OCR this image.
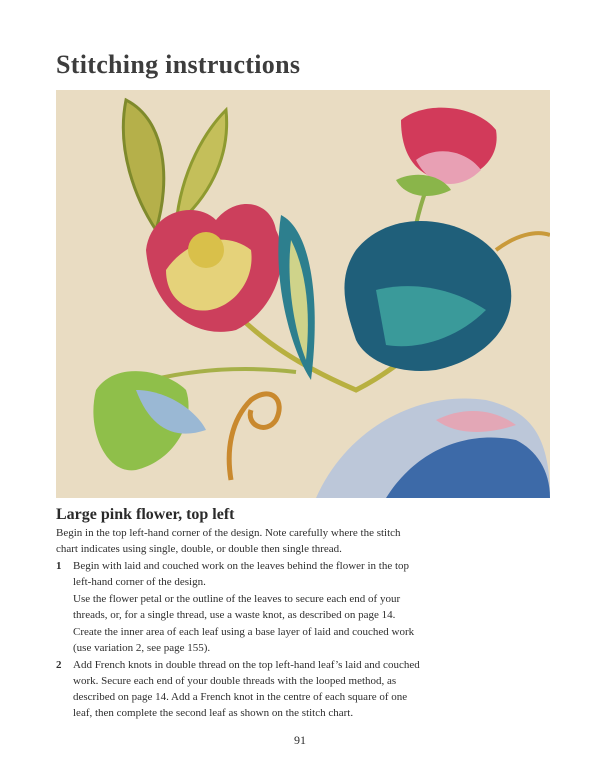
Stitching instructions
Large pink flower, top left
Begin in the top left-hand corner of the design. Note carefully where the stitch
chart indicates using single, double, or double then single thread.
1 Begin with laid and couched work on the leaves behind the flower in the top
left-hand corner of the design.
Use the flower petal or the outline of the leaves to secure each end of your
threads, or, for a single thread, use a waste knot, as described on page 14.
Create the inner area of each leaf using a base layer of laid and couched work
(use variation 2, see page 155).
2 Add French knots in double thread on the top left-hand leaf’s laid and couched
work. Secure each end of your double threads with the looped method, as
described on page 14. Add a French knot in the centre of each square of one
leaf, then complete the second leaf as shown on the stitch chart.
91
